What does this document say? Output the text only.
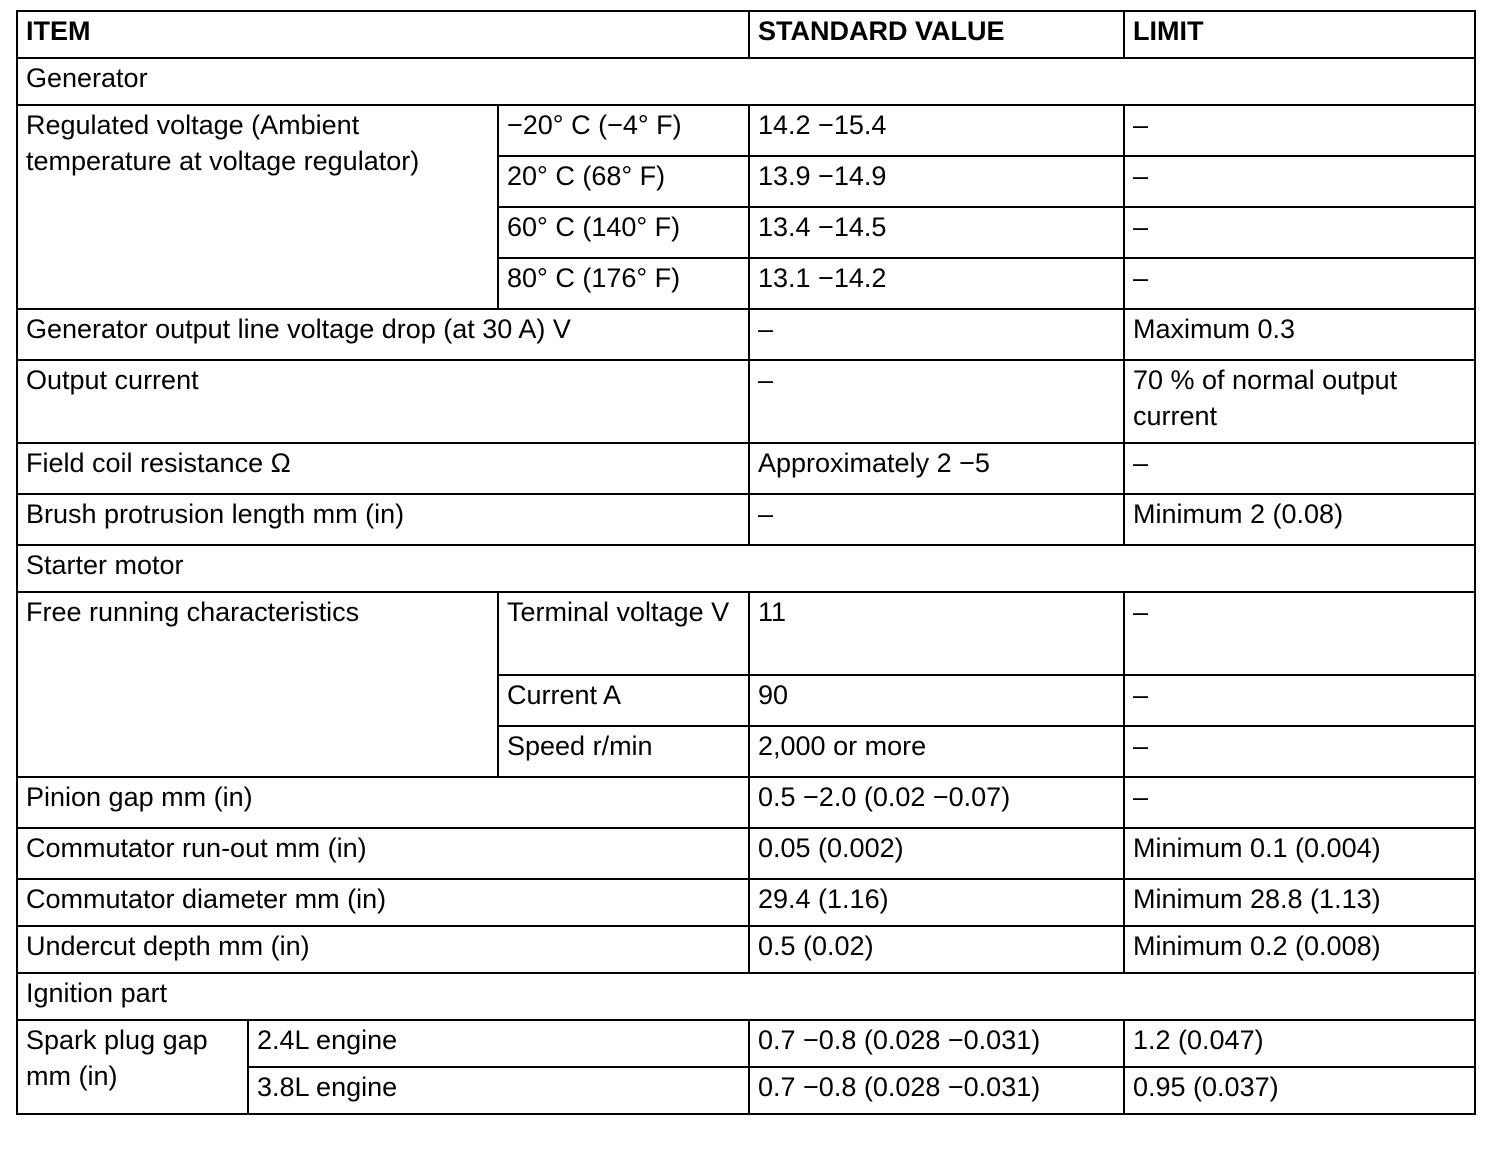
ITEM			STANDARD VALUE	LIMIT
Generator				
Regulated voltage (Ambient temperature at voltage regulator)		−20° C (−4° F)	14.2 −15.4	–
		20° C (68° F)	13.9 −14.9	–
		60° C (140° F)	13.4 −14.5	–
		80° C (176° F)	13.1 −14.2	–
Generator output line voltage drop (at 30 A) V			–	Maximum 0.3
Output current			–	70 % of normal output current
Field coil resistance Ω			Approximately 2 −5	–
Brush protrusion length mm (in)			–	Minimum 2 (0.08)
Starter motor				
Free running characteristics		Terminal voltage V	11	–
		Current A	90	–
		Speed r/min	2,000 or more	–
Pinion gap mm (in)			0.5 −2.0 (0.02 −0.07)	–
Commutator run-out mm (in)			0.05 (0.002)	Minimum 0.1 (0.004)
Commutator diameter mm (in)			29.4 (1.16)	Minimum 28.8 (1.13)
Undercut depth mm (in)			0.5 (0.02)	Minimum 0.2 (0.008)
Ignition part				
Spark plug gap mm (in)	2.4L engine		0.7 −0.8 (0.028 −0.031)	1.2 (0.047)
	3.8L engine		0.7 −0.8 (0.028 −0.031)	0.95 (0.037)
